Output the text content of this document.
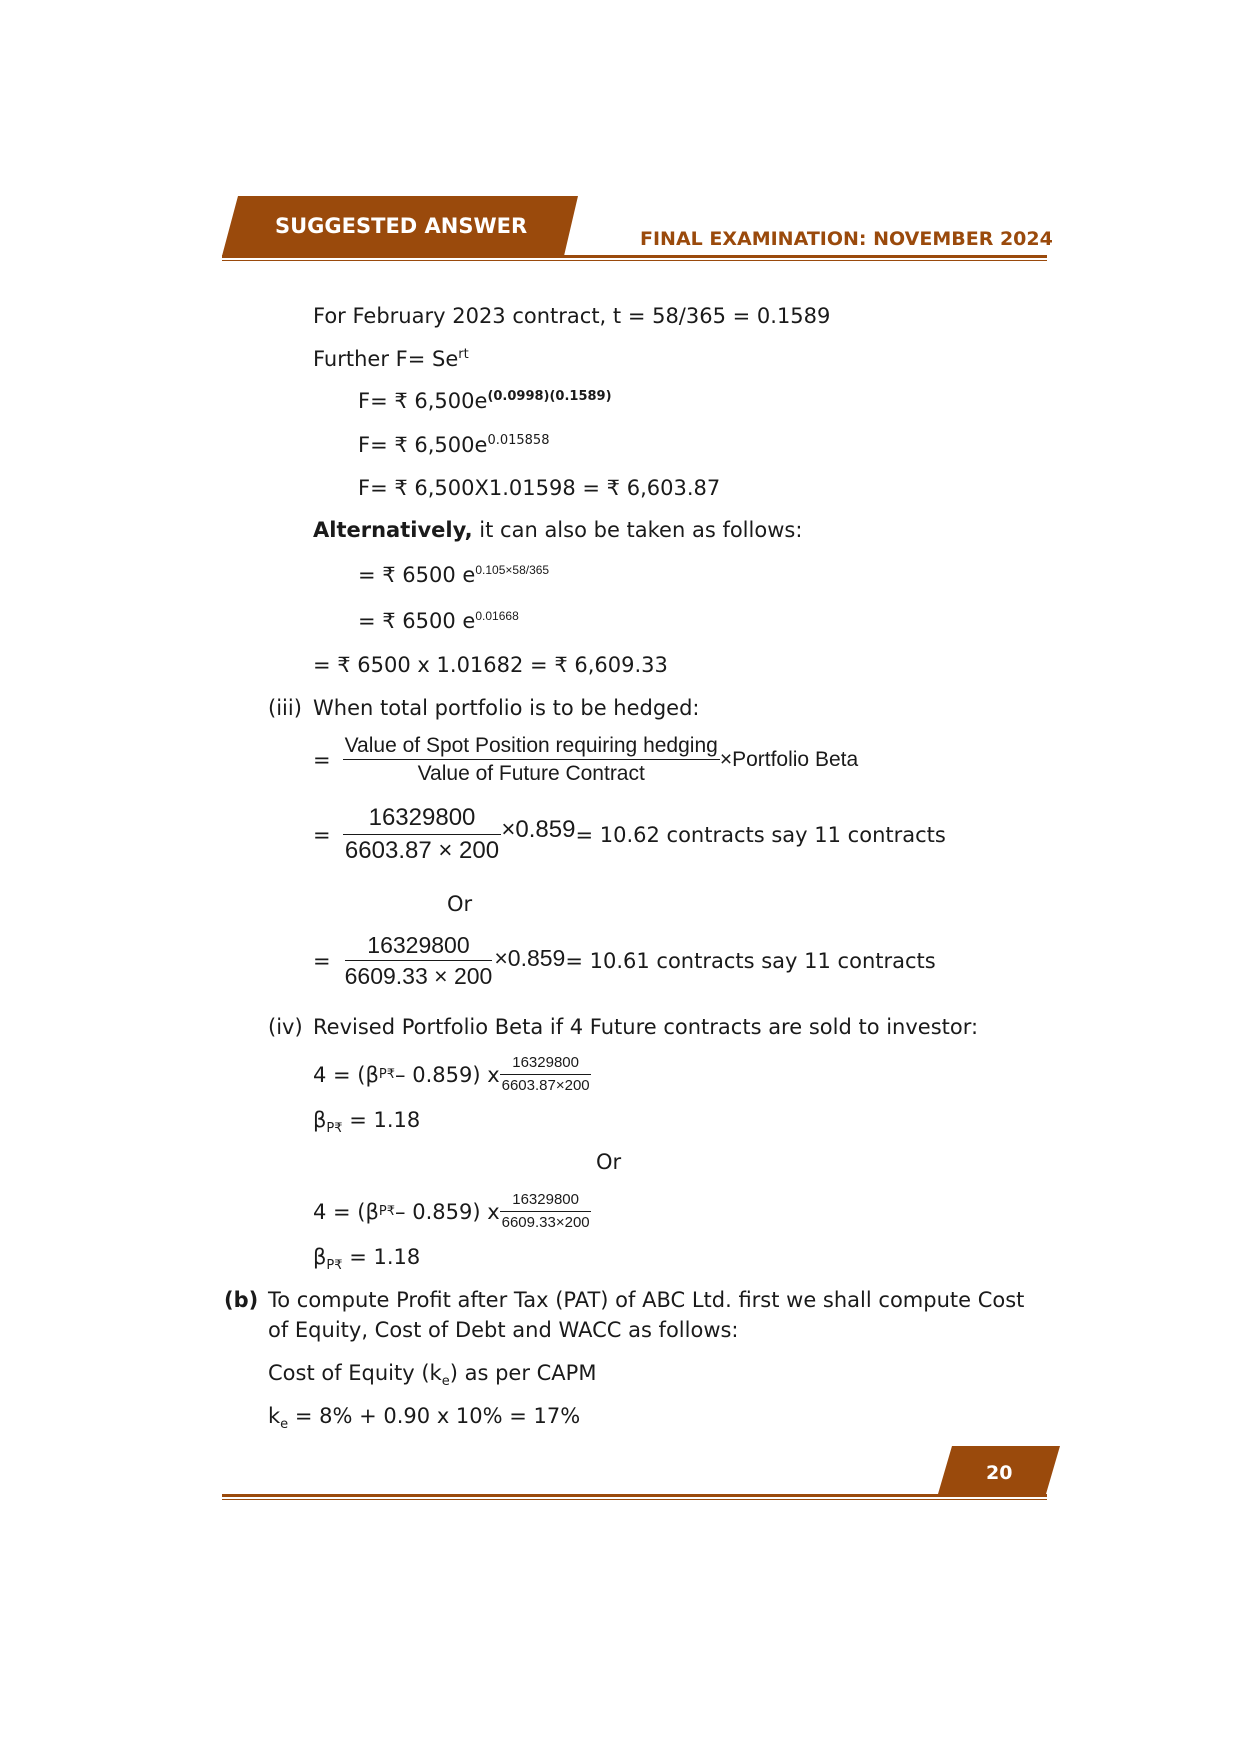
SUGGESTED ANSWER
FINAL EXAMINATION: NOVEMBER 2024
For February 2023 contract, t = 58/365 = 0.1589
Further $F= Se^{rt}$
F= ₹ $6,500e^{(0.0998)(0.1589)}$
F= ₹ $6,500e^{0.015858}$
F= ₹ 6,500X1.01598 = ₹ 6,603.87
Alternatively, it can also be taken as follows:
= ₹ 6500 $e^{0.105\times 58/365}$
= ₹ 6500 $e^{0.01668}$
= ₹ 6500 x 1.01682 = ₹ 6,609.33
(iii) When total portfolio is to be hedged:
= $\frac{\text{Value of Spot Position requiring hedging}}{\text{Value of Future Contract}}$ ×Portfolio Beta
= $\frac{16329800}{6603.87 \times 200} \times 0.859 = 10.62$ contracts say 11 contracts
Or
= $\frac{16329800}{6609.33 \times 200} \times 0.859 = 10.61$ contracts say 11 contracts
(iv) Revised Portfolio Beta if 4 Future contracts are sold to investor:
4 = (β P₹ – 0.859) x $\frac{16329800}{6603.87\times 200}$
$\beta_{P₹} = 1.18$
Or
4 = (β P₹ – 0.859) x $\frac{16329800}{6609.33\times 200}$
$\beta_{P₹} = 1.18$
(b) To compute Profit after Tax (PAT) of ABC Ltd. first we shall compute Cost
of Equity, Cost of Debt and WACC as follows:
Cost of Equity $(k_e)$ as per CAPM
$k_e = 8\% + 0.90$ x 10% = 17%
20
